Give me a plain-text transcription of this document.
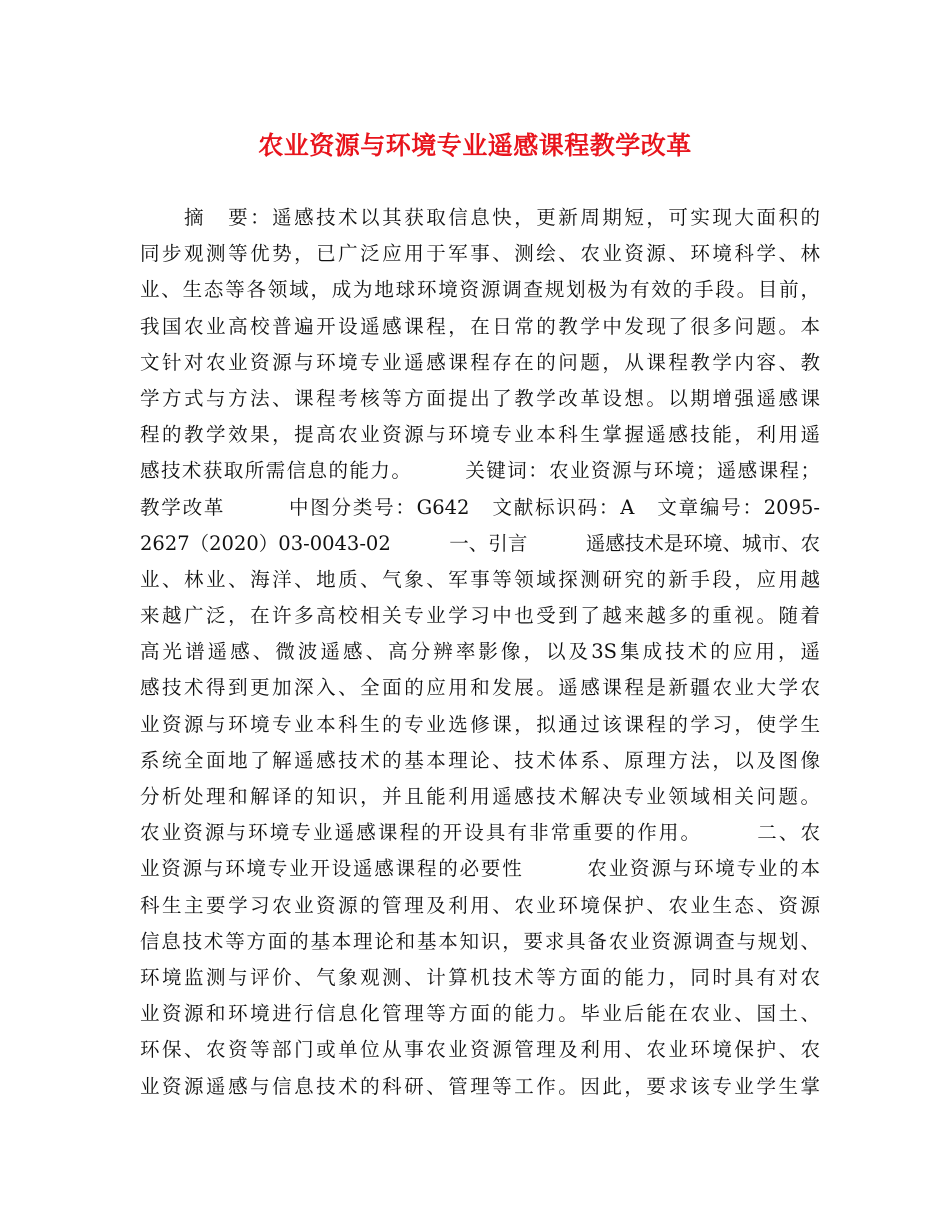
农业资源与环境专业遥感课程教学改革
　　摘　要：遥感技术以其获取信息快，更新周期短，可实现大面积的
同步观测等优势，已广泛应用于军事、测绘、农业资源、环境科学、林
业、生态等各领域，成为地球环境资源调查规划极为有效的手段。目前，
我国农业高校普遍开设遥感课程，在日常的教学中发现了很多问题。本
文针对农业资源与环境专业遥感课程存在的问题，从课程教学内容、教
学方式与方法、课程考核等方面提出了教学改革设想。以期增强遥感课
程的教学效果，提高农业资源与环境专业本科生掌握遥感技能，利用遥
感技术获取所需信息的能力。　　　关键词：农业资源与环境；遥感课程；
教学改革　　　中图分类号：G642　文献标识码：A　文章编号：2095-
2627（2020）03-0043-02　　　一、引言　　　遥感技术是环境、城市、农
业、林业、海洋、地质、气象、军事等领域探测研究的新手段，应用越
来越广泛，在许多高校相关专业学习中也受到了越来越多的重视。随着
高光谱遥感、微波遥感、高分辨率影像，以及3S集成技术的应用，遥
感技术得到更加深入、全面的应用和发展。遥感课程是新疆农业大学农
业资源与环境专业本科生的专业选修课，拟通过该课程的学习，使学生
系统全面地了解遥感技术的基本理论、技术体系、原理方法，以及图像
分析处理和解译的知识，并且能利用遥感技术解决专业领域相关问题。
农业资源与环境专业遥感课程的开设具有非常重要的作用。　　　二、农
业资源与环境专业开设遥感课程的必要性　　　农业资源与环境专业的本
科生主要学习农业资源的管理及利用、农业环境保护、农业生态、资源
信息技术等方面的基本理论和基本知识，要求具备农业资源调查与规划、
环境监测与评价、气象观测、计算机技术等方面的能力，同时具有对农
业资源和环境进行信息化管理等方面的能力。毕业后能在农业、国土、
环保、农资等部门或单位从事农业资源管理及利用、农业环境保护、农
业资源遥感与信息技术的科研、管理等工作。因此，要求该专业学生掌
